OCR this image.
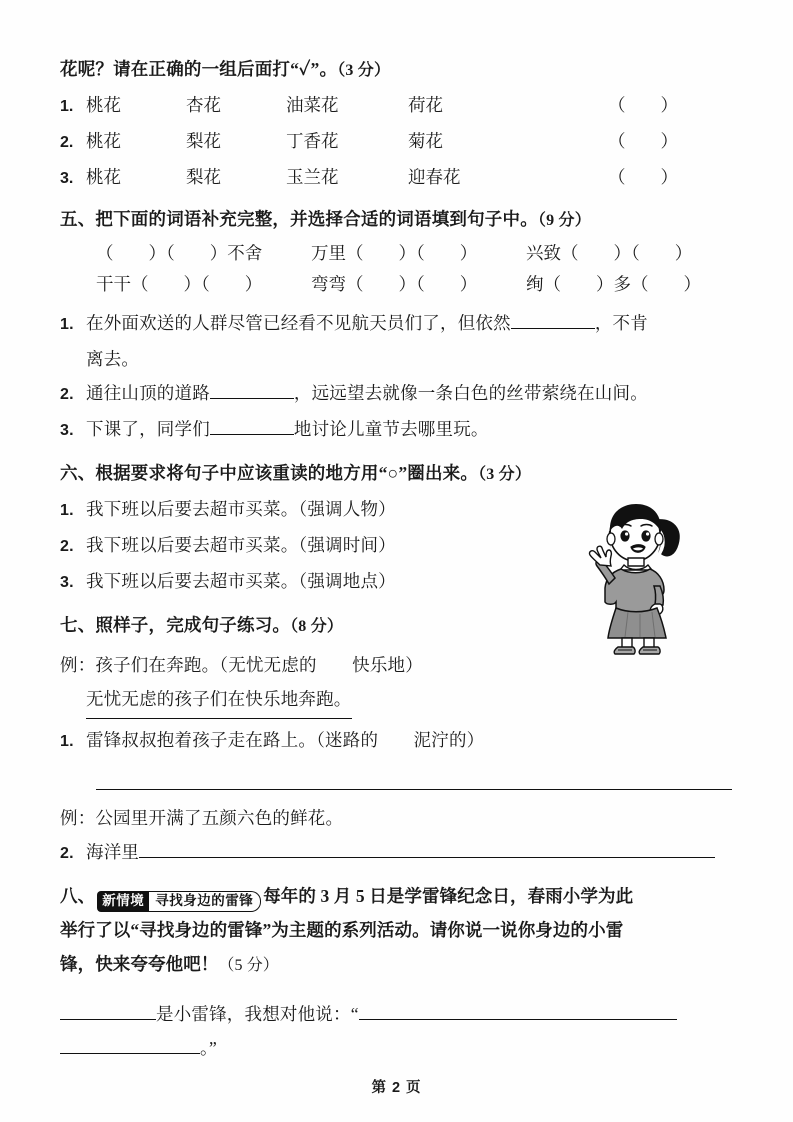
花呢？请在正确的一组后面打“✓”。（3 分）
1. 桃花	杏花	油菜花	荷花	（　　）
2. 桃花	梨花	丁香花	菊花	（　　）
3. 桃花	梨花	玉兰花	迎春花	（　　）
五、把下面的词语补充完整，并选择合适的词语填到句子中。（9 分）
（　　）（　　）不舍	万里（　　）（　　）	兴致（　　）（　　）
干干（　　）（　　）	弯弯（　　）（　　）	绚（　　）多（　　）
1. 在外面欢送的人群尽管已经看不见航天员们了，但依然	，不肯
离去。
2. 通往山顶的道路	，远远望去就像一条白色的丝带萦绕在山间。
3. 下课了，同学们	地讨论儿童节去哪里玩。
六、根据要求将句子中应该重读的地方用“○”圈出来。（3 分）
1. 我下班以后要去超市买菜。（强调人物）
2. 我下班以后要去超市买菜。（强调时间）
3. 我下班以后要去超市买菜。（强调地点）
七、照样子，完成句子练习。（8 分）
例：孩子们在奔跑。（无忧无虑的　　快乐地）
无忧无虑的孩子们在快乐地奔跑。
1. 雷锋叔叔抱着孩子走在路上。（迷路的　　泥泞的）
例：公园里开满了五颜六色的鲜花。
2. 海洋里
八、 新情境 寻找身边的雷锋 每年的 3 月 5 日是学雷锋纪念日，春雨小学为此
举行了以“寻找身边的雷锋”为主题的系列活动。请你说一说你身边的小雷
锋，快来夸夸他吧！（5 分）
是小雷锋，我想对他说：“
。”
第 2 页
